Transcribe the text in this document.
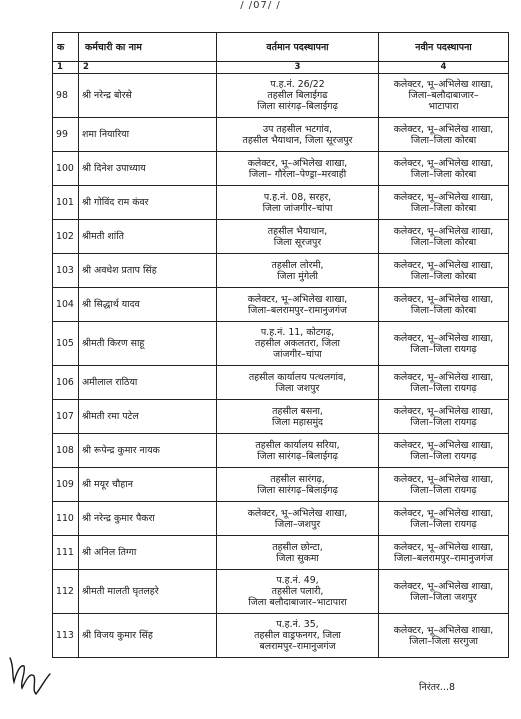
/ /07/ /
क	कर्मचारी का नाम	वर्तमान पदस्थापना	नवीन पदस्थापना
1	2	3	4
98	श्री नरेन्द्र बोरसे	प.ह.नं. 26/22
तहसील बिलाईगढ
जिला सारंगढ़–बिलाईगढ़	कलेक्टर, भू–अभिलेख शाखा,
जिला–बलौदाबाजार–
भाटापारा

99	शमा नियारिया	उप तहसील भटगांव,
तहसील भैयाथान, जिला सूरजपुर	कलेक्टर, भू–अभिलेख शाखा,
जिला–जिला कोरबा

100	श्री दिनेश उपाध्याय	कलेक्टर, भू–अभिलेख शाखा,
जिला– गौरेला–पेण्ड्रा–मरवाही	कलेक्टर, भू–अभिलेख शाखा,
जिला–जिला कोरबा

101	श्री गोविंद राम कंवर	प.ह.नं. 08, सरहर,
जिला जांजगीर–चांपा	कलेक्टर, भू–अभिलेख शाखा,
जिला–जिला कोरबा

102	श्रीमती शांति	तहसील भैयाथान,
जिला सूरजपुर	कलेक्टर, भू–अभिलेख शाखा,
जिला–जिला कोरबा

103	श्री अवधेश प्रताप सिंह	तहसील लोरमी,
जिला मुंगेली	कलेक्टर, भू–अभिलेख शाखा,
जिला–जिला कोरबा

104	श्री सिद्धार्थ यादव	कलेक्टर, भू–अभिलेख शाखा,
जिला–बलरामपुर–रामानुजगंज	कलेक्टर, भू–अभिलेख शाखा,
जिला–जिला कोरबा

105	श्रीमती किरण साहू	प.ह.नं. 11, कोटगढ़,
तहसील अकलतरा, जिला
जांजगीर–चांपा	कलेक्टर, भू–अभिलेख शाखा,
जिला–जिला रायगढ़

106	अमीलाल राठिया	तहसील कार्यालय पत्थलगांव,
जिला जशपुर	कलेक्टर, भू–अभिलेख शाखा,
जिला–जिला रायगढ़

107	श्रीमती रमा पटेल	तहसील बसना,
जिला महासमुंद	कलेक्टर, भू–अभिलेख शाखा,
जिला–जिला रायगढ़

108	श्री रूपेन्द्र कुमार नायक	तहसील कार्यालय सरिया,
जिला सारंगढ़–बिलाईगढ़	कलेक्टर, भू–अभिलेख शाखा,
जिला–जिला रायगढ़

109	श्री मयूर चौहान	तहसील सारंगढ़,
जिला सारंगढ़–बिलाईगढ़	कलेक्टर, भू–अभिलेख शाखा,
जिला–जिला रायगढ़

110	श्री नरेन्द्र कुमार पैकरा	कलेक्टर, भू–अभिलेख शाखा,
जिला–जशपुर	कलेक्टर, भू–अभिलेख शाखा,
जिला–जिला रायगढ़

111	श्री अनिल तिग्गा	तहसील छोन्टा,
जिला सुकमा	कलेक्टर, भू–अभिलेख शाखा,
जिला–बलरामपुर–रामानुजगंज

112	श्रीमती मालती घृतलहरे	प.ह.नं. 49,
तहसील पलारी,
जिला बलौदाबाजार–भाटापारा	कलेक्टर, भू–अभिलेख शाखा,
जिला–जिला जशपुर

113	श्री विजय कुमार सिंह	प.ह.नं. 35,
तहसील वाड्रफनगर, जिला
बलरामपुर–रामानुजगंज	कलेक्टर, भू–अभिलेख शाखा,
जिला–जिला सरगुजा
निरंतर...8
